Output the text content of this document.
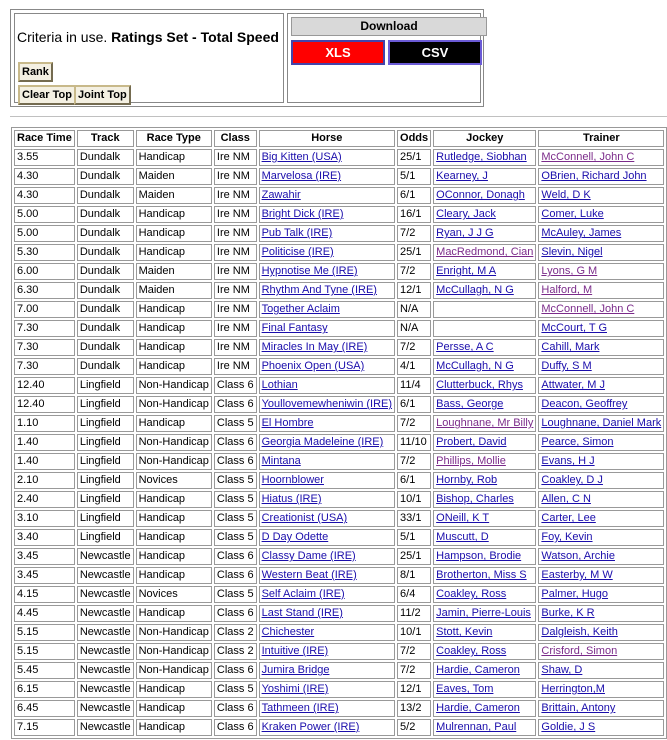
Criteria in use. Ratings Set - Total Speed
Rank
Clear Top Joint Top
Download
XLS	CSV
Race Time	Track	Race Type	Class	Horse	Odds	Jockey	Trainer
3.55	Dundalk	Handicap	Ire NM	Big Kitten (USA)	25/1	Rutledge, Siobhan	McConnell, John C
4.30	Dundalk	Maiden	Ire NM	Marvelosa (IRE)	5/1	Kearney, J	OBrien, Richard John
4.30	Dundalk	Maiden	Ire NM	Zawahir	6/1	OConnor, Donagh	Weld, D K
5.00	Dundalk	Handicap	Ire NM	Bright Dick (IRE)	16/1	Cleary, Jack	Comer, Luke
5.00	Dundalk	Handicap	Ire NM	Pub Talk (IRE)	7/2	Ryan, J J G	McAuley, James
5.30	Dundalk	Handicap	Ire NM	Politicise (IRE)	25/1	MacRedmond, Cian	Slevin, Nigel
6.00	Dundalk	Maiden	Ire NM	Hypnotise Me (IRE)	7/2	Enright, M A	Lyons, G M
6.30	Dundalk	Maiden	Ire NM	Rhythm And Tyne (IRE)	12/1	McCullagh, N G	Halford, M
7.00	Dundalk	Handicap	Ire NM	Together Aclaim	N/A		McConnell, John C
7.30	Dundalk	Handicap	Ire NM	Final Fantasy	N/A		McCourt, T G
7.30	Dundalk	Handicap	Ire NM	Miracles In May (IRE)	7/2	Persse, A C	Cahill, Mark
7.30	Dundalk	Handicap	Ire NM	Phoenix Open (USA)	4/1	McCullagh, N G	Duffy, S M
12.40	Lingfield	Non-Handicap	Class 6	Lothian	11/4	Clutterbuck, Rhys	Attwater, M J
12.40	Lingfield	Non-Handicap	Class 6	Youllovemewheniwin (IRE)	6/1	Bass, George	Deacon, Geoffrey
1.10	Lingfield	Handicap	Class 5	El Hombre	7/2	Loughnane, Mr Billy	Loughnane, Daniel Mark
1.40	Lingfield	Non-Handicap	Class 6	Georgia Madeleine (IRE)	11/10	Probert, David	Pearce, Simon
1.40	Lingfield	Non-Handicap	Class 6	Mintana	7/2	Phillips, Mollie	Evans, H J
2.10	Lingfield	Novices	Class 5	Hoornblower	6/1	Hornby, Rob	Coakley, D J
2.40	Lingfield	Handicap	Class 5	Hiatus (IRE)	10/1	Bishop, Charles	Allen, C N
3.10	Lingfield	Handicap	Class 5	Creationist (USA)	33/1	ONeill, K T	Carter, Lee
3.40	Lingfield	Handicap	Class 5	D Day Odette	5/1	Muscutt, D	Foy, Kevin
3.45	Newcastle	Handicap	Class 6	Classy Dame (IRE)	25/1	Hampson, Brodie	Watson, Archie
3.45	Newcastle	Handicap	Class 6	Western Beat (IRE)	8/1	Brotherton, Miss S	Easterby, M W
4.15	Newcastle	Novices	Class 5	Self Aclaim (IRE)	6/4	Coakley, Ross	Palmer, Hugo
4.45	Newcastle	Handicap	Class 6	Last Stand (IRE)	11/2	Jamin, Pierre-Louis	Burke, K R
5.15	Newcastle	Non-Handicap	Class 2	Chichester	10/1	Stott, Kevin	Dalgleish, Keith
5.15	Newcastle	Non-Handicap	Class 2	Intuitive (IRE)	7/2	Coakley, Ross	Crisford, Simon
5.45	Newcastle	Non-Handicap	Class 6	Jumira Bridge	7/2	Hardie, Cameron	Shaw, D
6.15	Newcastle	Handicap	Class 5	Yoshimi (IRE)	12/1	Eaves, Tom	Herrington,M
6.45	Newcastle	Handicap	Class 6	Tathmeen (IRE)	13/2	Hardie, Cameron	Brittain, Antony
7.15	Newcastle	Handicap	Class 6	Kraken Power (IRE)	5/2	Mulrennan, Paul	Goldie, J S
